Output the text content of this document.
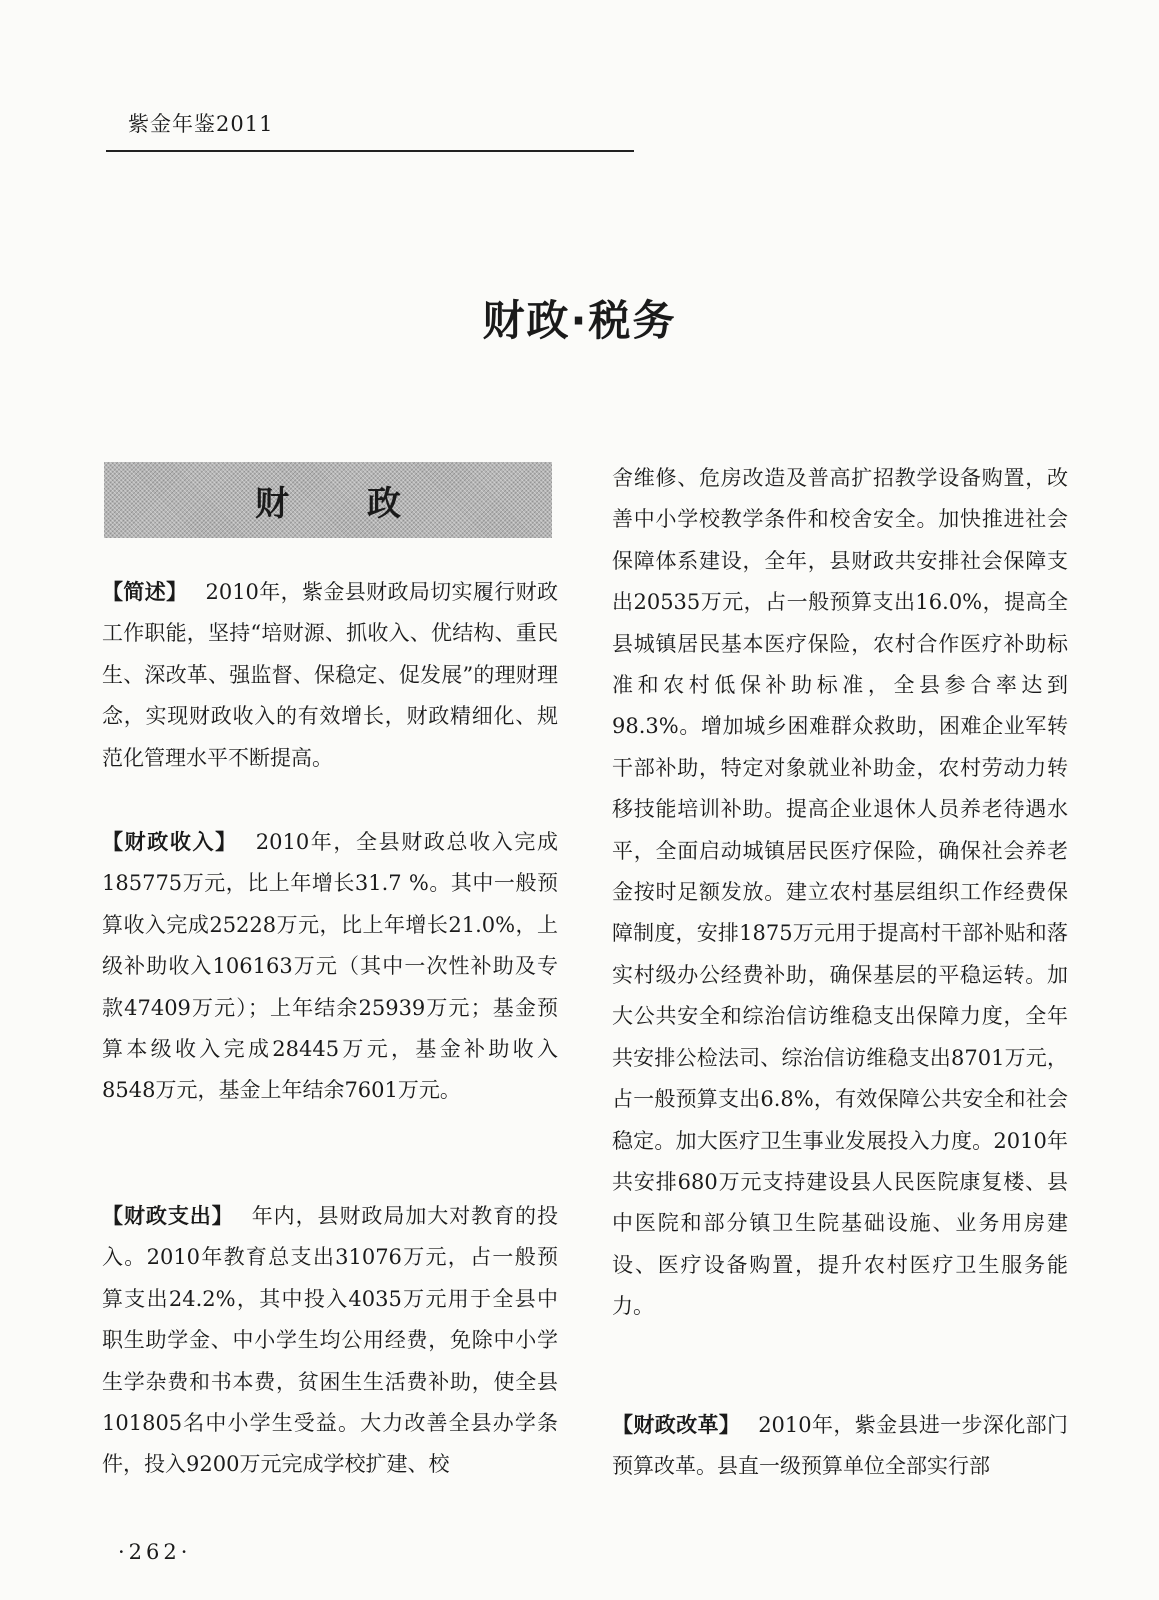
紫金年鉴2011
财政·税务
财政
【简述】 2010年，紫金县财政局切实履行财政工作职能，坚持“培财源、抓收入、优结构、重民生、深改革、强监督、保稳定、促发展”的理财理念，实现财政收入的有效增长，财政精细化、规范化管理水平不断提高。
【财政收入】 2010年，全县财政总收入完成185775万元，比上年增长31.7 %。其中一般预算收入完成25228万元，比上年增长21.0%，上级补助收入106163万元（其中一次性补助及专款47409万元）；上年结余25939万元；基金预算本级收入完成28445万元，基金补助收入8548万元，基金上年结余7601万元。
【财政支出】 年内，县财政局加大对教育的投入。2010年教育总支出31076万元，占一般预算支出24.2%，其中投入4035万元用于全县中职生助学金、中小学生均公用经费，免除中小学生学杂费和书本费，贫困生生活费补助，使全县101805名中小学生受益。大力改善全县办学条件，投入9200万元完成学校扩建、校
舍维修、危房改造及普高扩招教学设备购置，改善中小学校教学条件和校舍安全。加快推进社会保障体系建设，全年，县财政共安排社会保障支出20535万元，占一般预算支出16.0%，提高全县城镇居民基本医疗保险，农村合作医疗补助标准和农村低保补助标准，全县参合率达到98.3%。增加城乡困难群众救助，困难企业军转干部补助，特定对象就业补助金，农村劳动力转移技能培训补助。提高企业退休人员养老待遇水平，全面启动城镇居民医疗保险，确保社会养老金按时足额发放。建立农村基层组织工作经费保障制度，安排1875万元用于提高村干部补贴和落实村级办公经费补助，确保基层的平稳运转。加大公共安全和综治信访维稳支出保障力度，全年共安排公检法司、综治信访维稳支出8701万元，占一般预算支出6.8%，有效保障公共安全和社会稳定。加大医疗卫生事业发展投入力度。2010年共安排680万元支持建设县人民医院康复楼、县中医院和部分镇卫生院基础设施、业务用房建设、医疗设备购置，提升农村医疗卫生服务能力。
【财政改革】 2010年，紫金县进一步深化部门预算改革。县直一级预算单位全部实行部
·262·
